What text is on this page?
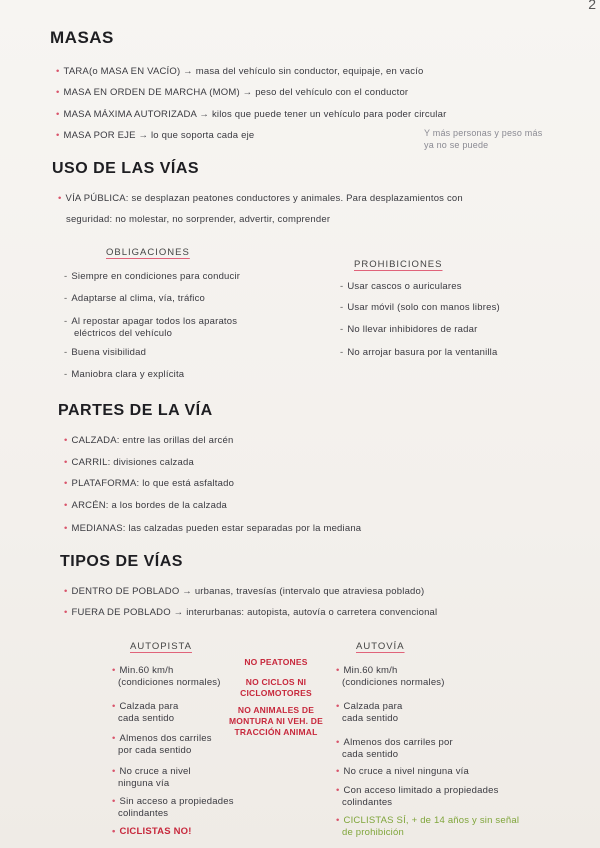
2
MASAS
• TARA(o MASA EN VACÍO) → masa del vehículo sin conductor, equipaje, en vacío
• MASA EN ORDEN DE MARCHA (MOM) → peso del vehículo con el conductor
• MASA MÁXIMA AUTORIZADA → kilos que puede tener un vehículo para poder circular
• MASA POR EJE → lo que soporta cada eje	Y más personas y peso más
ya no se puede
USO DE LAS VÍAS
• VÍA PÚBLICA: se desplazan peatones conductores y animales. Para desplazamientos con
seguridad: no molestar, no sorprender, advertir, comprender
OBLIGACIONES
- Siempre en condiciones para conducir
- Adaptarse al clima, vía, tráfico
- Al repostar apagar todos los aparatos
eléctricos del vehículo
- Buena visibilidad
- Maniobra clara y explícita
PROHIBICIONES
- Usar cascos o auriculares
- Usar móvil (solo con manos libres)
- No llevar inhibidores de radar
- No arrojar basura por la ventanilla
PARTES DE LA VÍA
• CALZADA: entre las orillas del arcén
• CARRIL: divisiones calzada
• PLATAFORMA: lo que está asfaltado
• ARCÉN: a los bordes de la calzada
• MEDIANAS: las calzadas pueden estar separadas por la mediana
TIPOS DE VÍAS
• DENTRO DE POBLADO → urbanas, travesías (intervalo que atraviesa poblado)
• FUERA DE POBLADO → interurbanas: autopista, autovía o carretera convencional
AUTOPISTA
• Min.60 km/h
(condiciones normales)
• Calzada para
cada sentido
• Almenos dos carriles
por cada sentido
• No cruce a nivel
ninguna vía
• Sin acceso a propiedades
colindantes
• CICLISTAS NO!
NO PEATONES
NO CICLOS NI CICLOMOTORES
NO ANIMALES DE MONTURA NI VEH. DE TRACCIÓN ANIMAL
AUTOVÍA
• Min.60 km/h
(condiciones normales)
• Calzada para
cada sentido
• Almenos dos carriles por
cada sentido
• No cruce a nivel ninguna vía
• Con acceso limitado a propiedades
colindantes
• CICLISTAS SÍ, + de 14 años y sin señal
de prohibición
